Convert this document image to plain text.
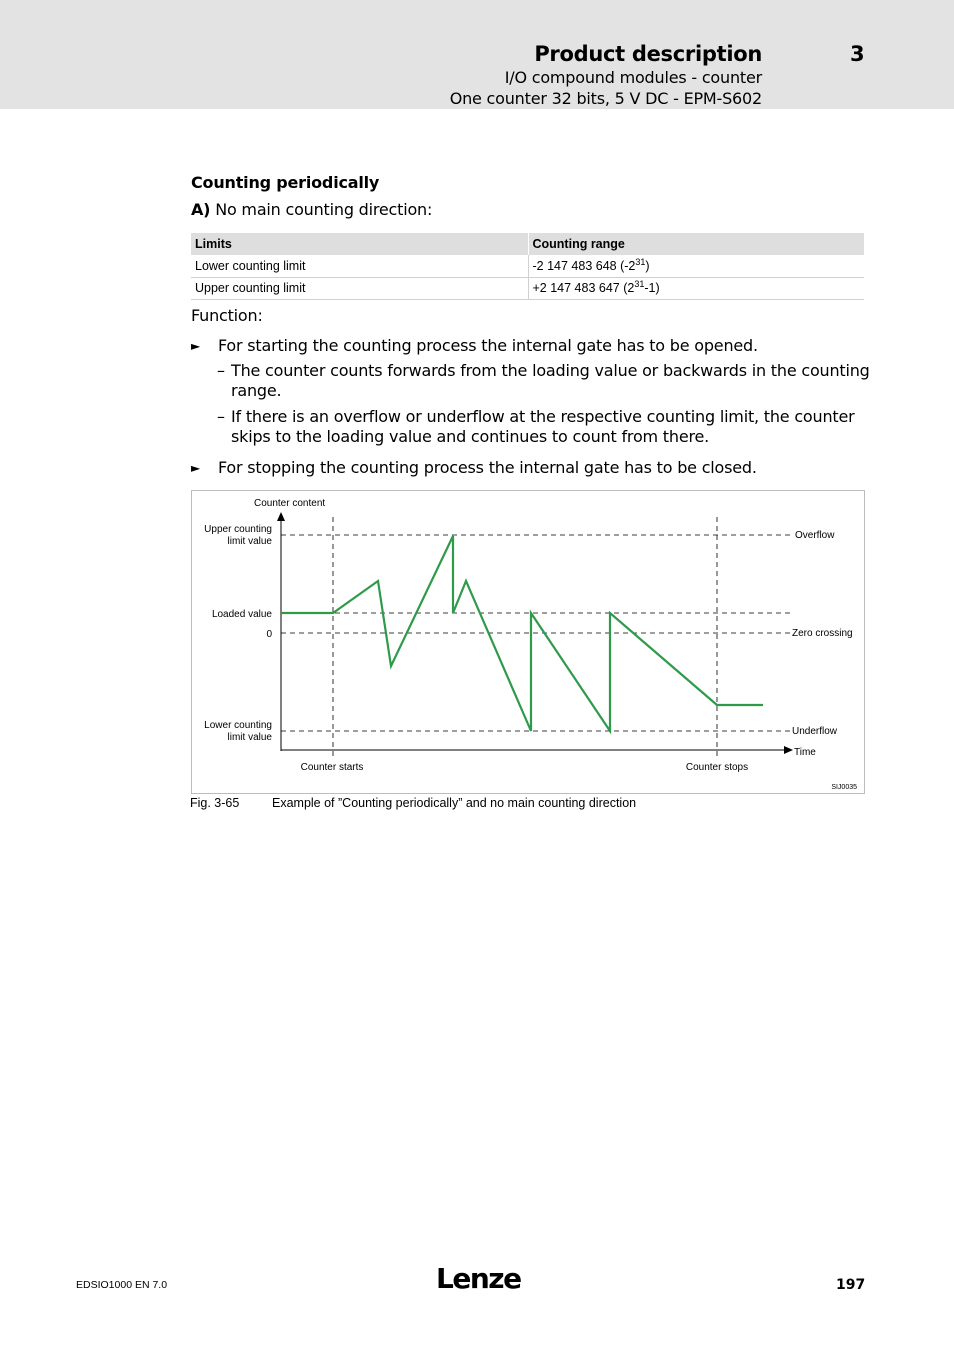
Product description	3
I/O compound modules - counter
One counter 32 bits, 5 V DC - EPM-S602
Counting periodically
A) No main counting direction:
Limits	Counting range
Lower counting limit	-2 147 483 648 $(-2^{31})$
Upper counting limit	+2 147 483 647 $(2^{31}-1)$
Function:
► For starting the counting process the internal gate has to be opened.
– The counter counts forwards from the loading value or backwards in the counting range.
– If there is an overflow or underflow at the respective counting limit, the counter skips to the loading value and continues to count from there.
► For stopping the counting process the internal gate has to be closed.
Counter content
Upper counting
limit value
Loaded value
0
Lower counting
limit value
Overflow
Zero crossing
Underflow
Time
Counter starts	Counter stops
SIJ0035
Fig. 3-65	Example of ”Counting periodically” and no main counting direction
EDSIO1000 EN 7.0	Lenze	197
